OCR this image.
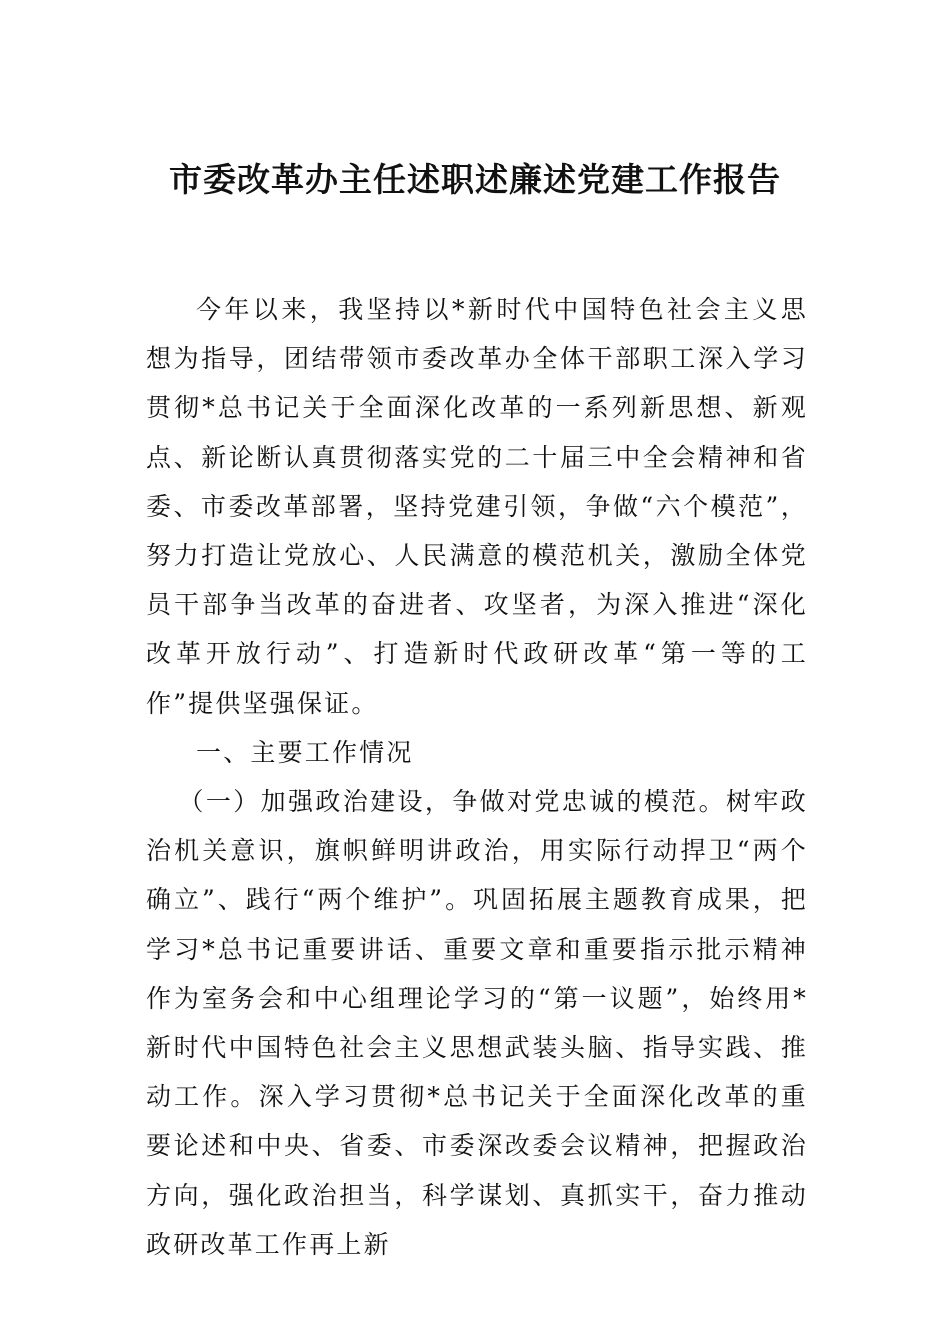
市委改革办主任述职述廉述党建工作报告

今年以来，我坚持以*新时代中国特色社会主义思想为指导，团结带领市委改革办全体干部职工深入学习贯彻*总书记关于全面深化改革的一系列新思想、新观点、新论断认真贯彻落实党的二十届三中全会精神和省委、市委改革部署，坚持党建引领，争做“六个模范”，努力打造让党放心、人民满意的模范机关，激励全体党员干部争当改革的奋进者、攻坚者，为深入推进“深化改革开放行动”、打造新时代政研改革“第一等的工作”提供坚强保证。

一、主要工作情况

（一）加强政治建设，争做对党忠诚的模范。树牢政治机关意识，旗帜鲜明讲政治，用实际行动捍卫“两个确立”、践行“两个维护”。巩固拓展主题教育成果，把学习*总书记重要讲话、重要文章和重要指示批示精神作为室务会和中心组理论学习的“第一议题”，始终用*新时代中国特色社会主义思想武装头脑、指导实践、推动工作。深入学习贯彻*总书记关于全面深化改革的重要论述和中央、省委、市委深改委会议精神，把握政治方向，强化政治担当，科学谋划、真抓实干，奋力推动政研改革工作再上新
